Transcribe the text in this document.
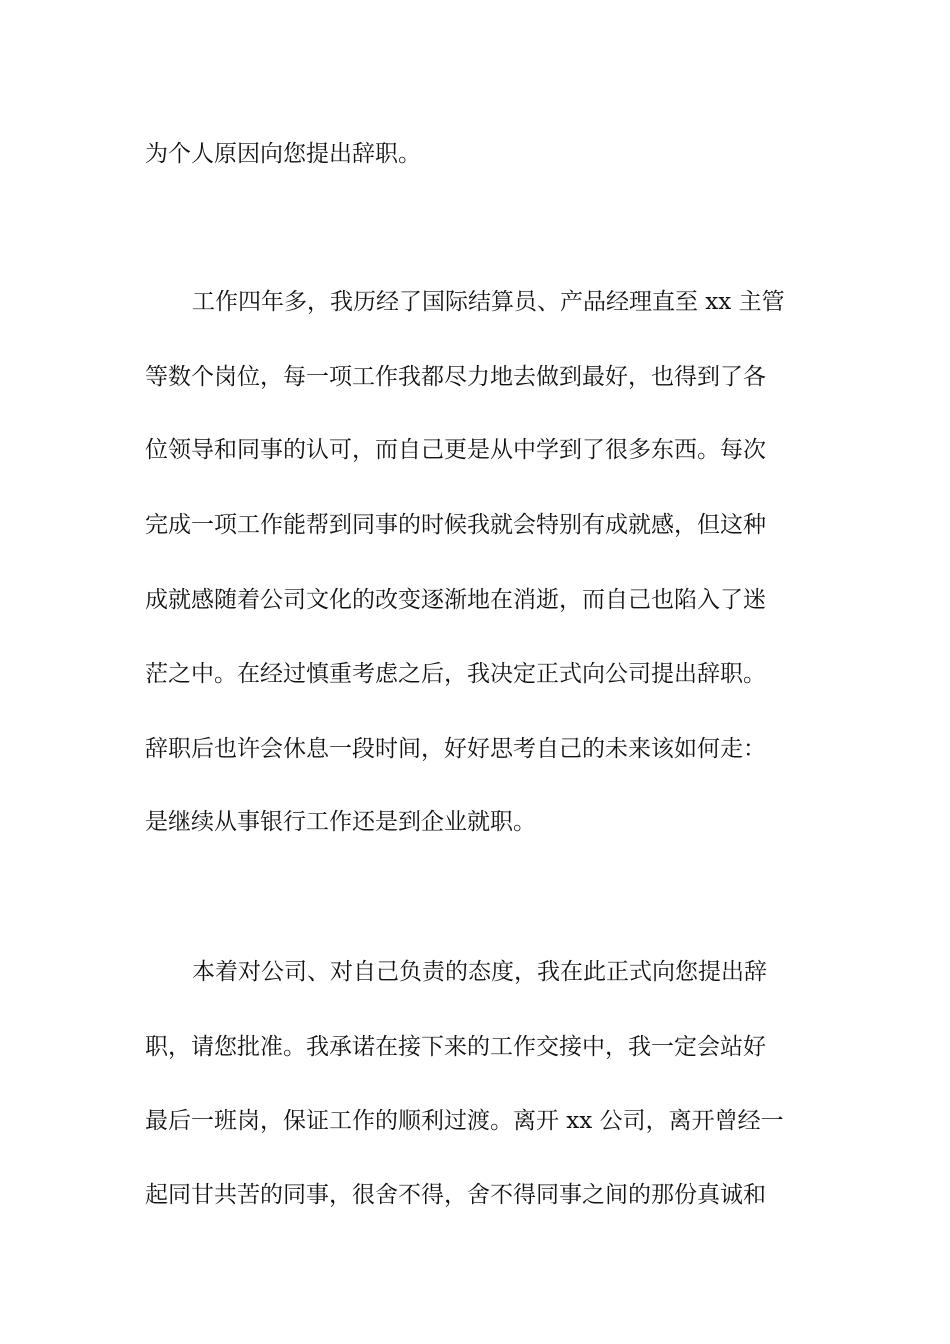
为个人原因向您提出辞职。
工作四年多，我历经了国际结算员、产品经理直至 xx 主管
等数个岗位，每一项工作我都尽力地去做到最好，也得到了各
位领导和同事的认可，而自己更是从中学到了很多东西。每次
完成一项工作能帮到同事的时候我就会特别有成就感，但这种
成就感随着公司文化的改变逐渐地在消逝，而自己也陷入了迷
茫之中。在经过慎重考虑之后，我决定正式向公司提出辞职。
辞职后也许会休息一段时间，好好思考自己的未来该如何走：
是继续从事银行工作还是到企业就职。
本着对公司、对自己负责的态度，我在此正式向您提出辞
职，请您批准。我承诺在接下来的工作交接中，我一定会站好
最后一班岗，保证工作的顺利过渡。离开 xx 公司，离开曾经一
起同甘共苦的同事，很舍不得，舍不得同事之间的那份真诚和
